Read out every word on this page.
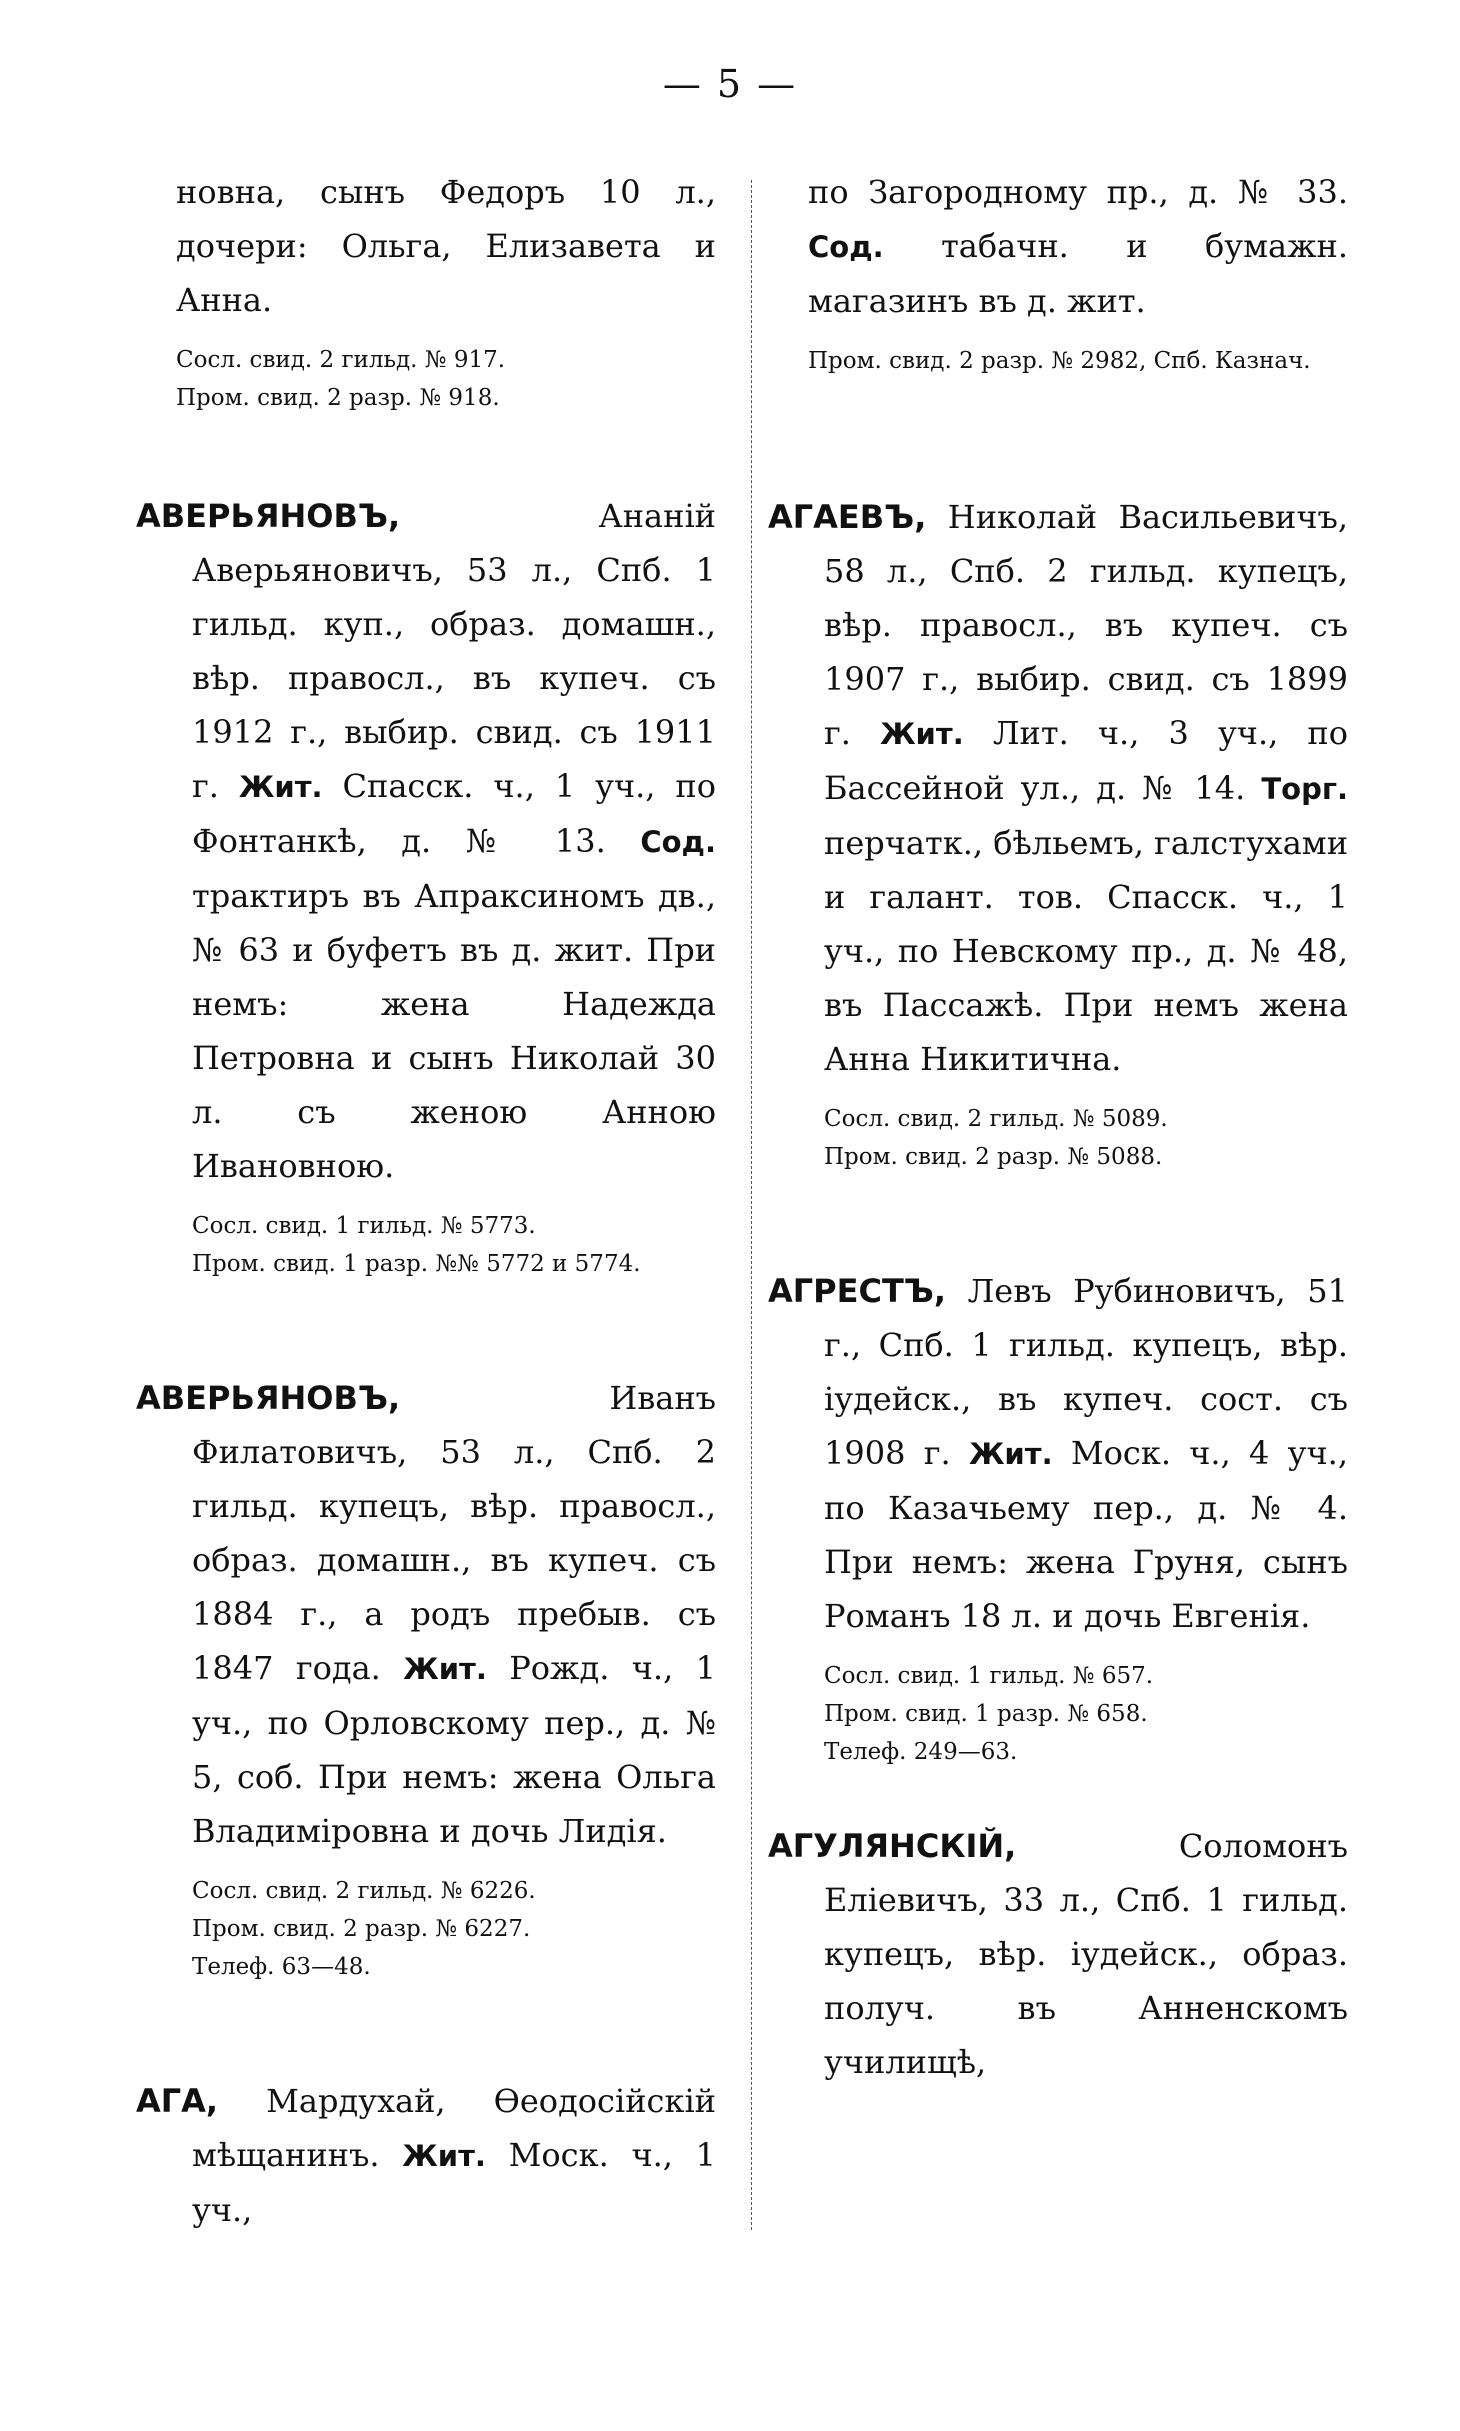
— 5 —

новна, сынъ Федоръ 10 л., дочери: Ольга, Елизавета и Анна.

Сосл. свид. 2 гильд. № 917.

Пром. свид. 2 разр. № 918.

АВЕРЬЯНОВЪ, Ананій Аверьяновичъ, 53 л., Спб. 1 гильд. куп., образ. домашн., вѣр. правосл., въ купеч. съ 1912 г., выбир. свид. съ 1911 г. Жит. Спасск. ч., 1 уч., по Фонтанкѣ, д. № 13. Сод. трактиръ въ Апраксиномъ дв., № 63 и буфетъ въ д. жит. При немъ: жена Надежда Петровна и сынъ Николай 30 л. съ женою Анною Ивановною.

Сосл. свид. 1 гильд. № 5773.

Пром. свид. 1 разр. №№ 5772 и 5774.

АВЕРЬЯНОВЪ, Иванъ Филатовичъ, 53 л., Спб. 2 гильд. купецъ, вѣр. правосл., образ. домашн., въ купеч. съ 1884 г., а родъ пребыв. съ 1847 года. Жит. Рожд. ч., 1 уч., по Орловскому пер., д. № 5, соб. При немъ: жена Ольга Владиміровна и дочь Лидія.

Сосл. свид. 2 гильд. № 6226.

Пром. свид. 2 разр. № 6227.

Телеф. 63—48.

АГА, Мардухай, Ѳеодосійскій мѣщанинъ. Жит. Моск. ч., 1 уч.,

по Загородному пр., д. № 33. Сод. табачн. и бумажн. магазинъ въ д. жит.

Пром. свид. 2 разр. № 2982, Спб. Казнач.

АГАЕВЪ, Николай Васильевичъ, 58 л., Спб. 2 гильд. купецъ, вѣр. правосл., въ купеч. съ 1907 г., выбир. свид. съ 1899 г. Жит. Лит. ч., 3 уч., по Бассейной ул., д. № 14. Торг. перчатк., бѣльемъ, галстухами и галант. тов. Спасск. ч., 1 уч., по Невскому пр., д. № 48, въ Пассажѣ. При немъ жена Анна Никитична.

Сосл. свид. 2 гильд. № 5089.

Пром. свид. 2 разр. № 5088.

АГРЕСТЪ, Левъ Рубиновичъ, 51 г., Спб. 1 гильд. купецъ, вѣр. іудейск., въ купеч. сост. съ 1908 г. Жит. Моск. ч., 4 уч., по Казачьему пер., д. № 4. При немъ: жена Груня, сынъ Романъ 18 л. и дочь Евгенія.

Сосл. свид. 1 гильд. № 657.

Пром. свид. 1 разр. № 658.

Телеф. 249—63.

АГУЛЯНСКІЙ, Соломонъ Еліевичъ, 33 л., Спб. 1 гильд. купецъ, вѣр. іудейск., образ. получ. въ Анненскомъ училищѣ,
